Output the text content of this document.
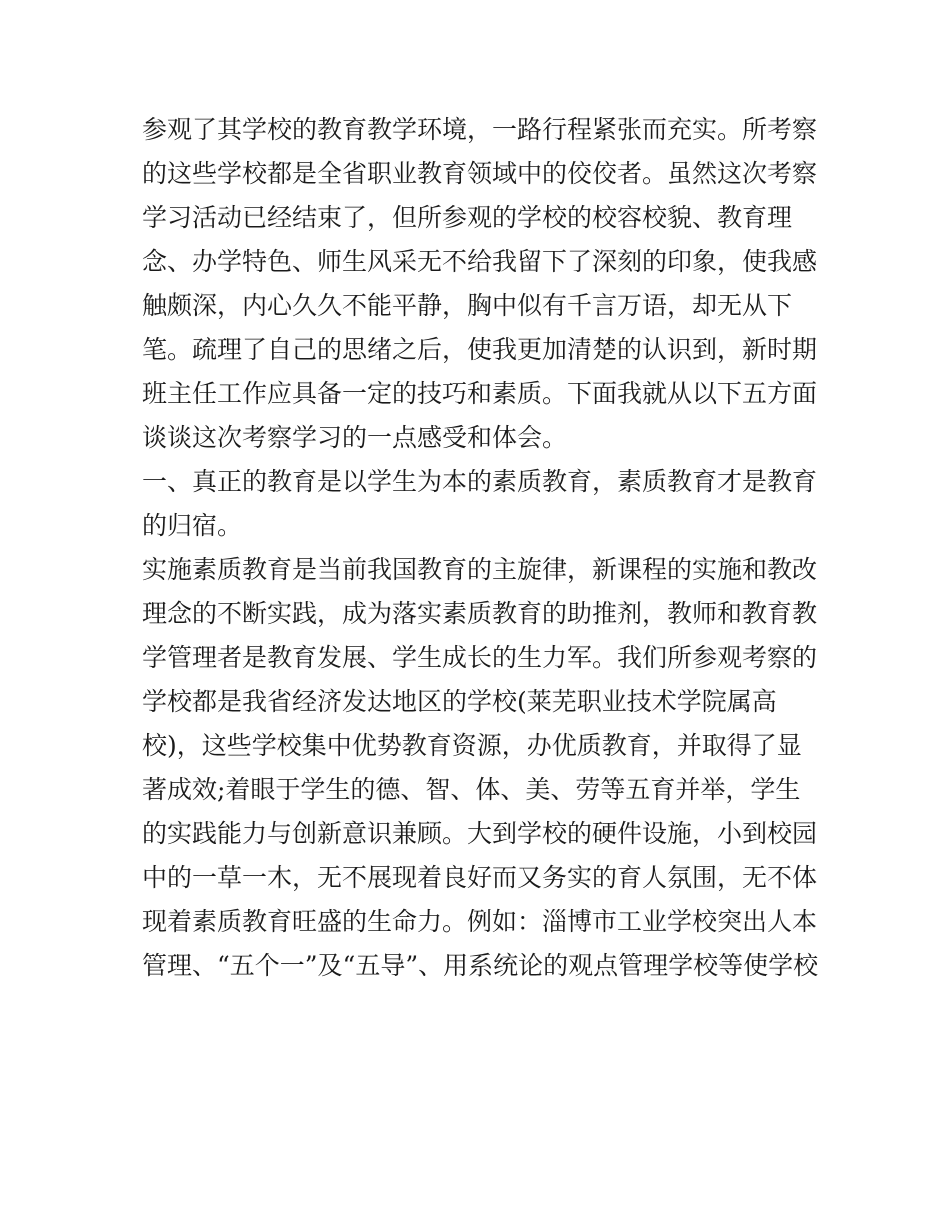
参观了其学校的教育教学环境，一路行程紧张而充实。所考察
的这些学校都是全省职业教育领域中的佼佼者。虽然这次考察
学习活动已经结束了，但所参观的学校的校容校貌、教育理
念、办学特色、师生风采无不给我留下了深刻的印象，使我感
触颇深，内心久久不能平静，胸中似有千言万语，却无从下
笔。疏理了自己的思绪之后，使我更加清楚的认识到，新时期
班主任工作应具备一定的技巧和素质。下面我就从以下五方面
谈谈这次考察学习的一点感受和体会。
一、真正的教育是以学生为本的素质教育，素质教育才是教育
的归宿。
实施素质教育是当前我国教育的主旋律，新课程的实施和教改
理念的不断实践，成为落实素质教育的助推剂，教师和教育教
学管理者是教育发展、学生成长的生力军。我们所参观考察的
学校都是我省经济发达地区的学校(莱芜职业技术学院属高
校)，这些学校集中优势教育资源，办优质教育，并取得了显
著成效;着眼于学生的德、智、体、美、劳等五育并举，学生
的实践能力与创新意识兼顾。大到学校的硬件设施，小到校园
中的一草一木，无不展现着良好而又务实的育人氛围，无不体
现着素质教育旺盛的生命力。例如：淄博市工业学校突出人本
管理、“五个一”及“五导”、用系统论的观点管理学校等使学校
